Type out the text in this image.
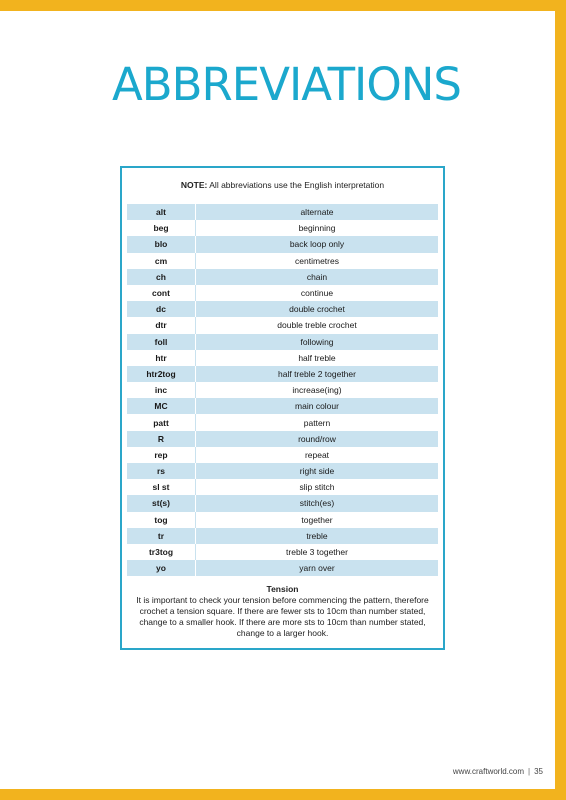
ABBREVIATIONS
NOTE: All abbreviations use the English interpretation
alt	alternate
beg	beginning
blo	back loop only
cm	centimetres
ch	chain
cont	continue
dc	double crochet
dtr	double treble crochet
foll	following
htr	half treble
htr2tog	half treble 2 together
inc	increase(ing)
MC	main colour
patt	pattern
R	round/row
rep	repeat
rs	right side
sl st	slip stitch
st(s)	stitch(es)
tog	together
tr	treble
tr3tog	treble 3 together
yo	yarn over
Tension
It is important to check your tension before commencing the pattern, therefore crochet a tension square. If there are fewer sts to 10cm than number stated, change to a smaller hook. If there are more sts to 10cm than number stated, change to a larger hook.
www.craftworld.com | 35
PassionForum.ru
